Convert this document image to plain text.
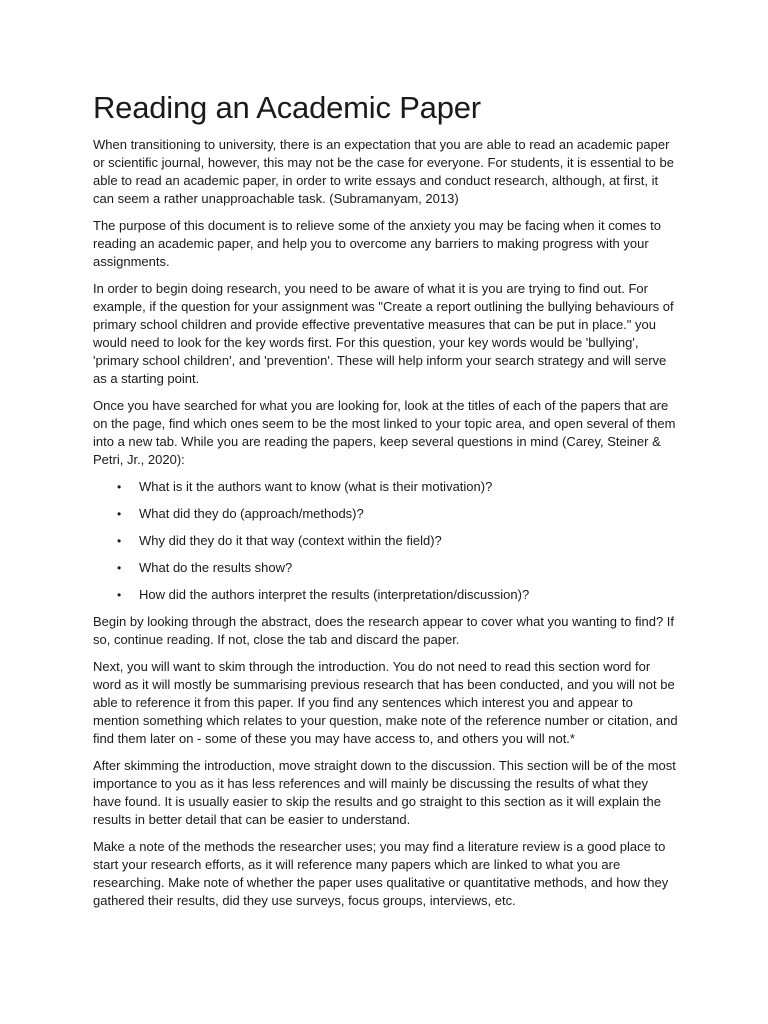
Reading an Academic Paper

When transitioning to university, there is an expectation that you are able to read an academic paper or scientific journal, however, this may not be the case for everyone. For students, it is essential to be able to read an academic paper, in order to write essays and conduct research, although, at first, it can seem a rather unapproachable task. (Subramanyam, 2013)

The purpose of this document is to relieve some of the anxiety you may be facing when it comes to reading an academic paper, and help you to overcome any barriers to making progress with your assignments.

In order to begin doing research, you need to be aware of what it is you are trying to find out. For example, if the question for your assignment was "Create a report outlining the bullying behaviours of primary school children and provide effective preventative measures that can be put in place." you would need to look for the key words first. For this question, your key words would be 'bullying', 'primary school children', and 'prevention'. These will help inform your search strategy and will serve as a starting point.

Once you have searched for what you are looking for, look at the titles of each of the papers that are on the page, find which ones seem to be the most linked to your topic area, and open several of them into a new tab. While you are reading the papers, keep several questions in mind (Carey, Steiner & Petri, Jr., 2020):

• What is it the authors want to know (what is their motivation)?
• What did they do (approach/methods)?
• Why did they do it that way (context within the field)?
• What do the results show?
• How did the authors interpret the results (interpretation/discussion)?

Begin by looking through the abstract, does the research appear to cover what you wanting to find? If so, continue reading. If not, close the tab and discard the paper.

Next, you will want to skim through the introduction. You do not need to read this section word for word as it will mostly be summarising previous research that has been conducted, and you will not be able to reference it from this paper. If you find any sentences which interest you and appear to mention something which relates to your question, make note of the reference number or citation, and find them later on - some of these you may have access to, and others you will not.*

After skimming the introduction, move straight down to the discussion. This section will be of the most importance to you as it has less references and will mainly be discussing the results of what they have found. It is usually easier to skip the results and go straight to this section as it will explain the results in better detail that can be easier to understand.

Make a note of the methods the researcher uses; you may find a literature review is a good place to start your research efforts, as it will reference many papers which are linked to what you are researching. Make note of whether the paper uses qualitative or quantitative methods, and how they gathered their results, did they use surveys, focus groups, interviews, etc.
